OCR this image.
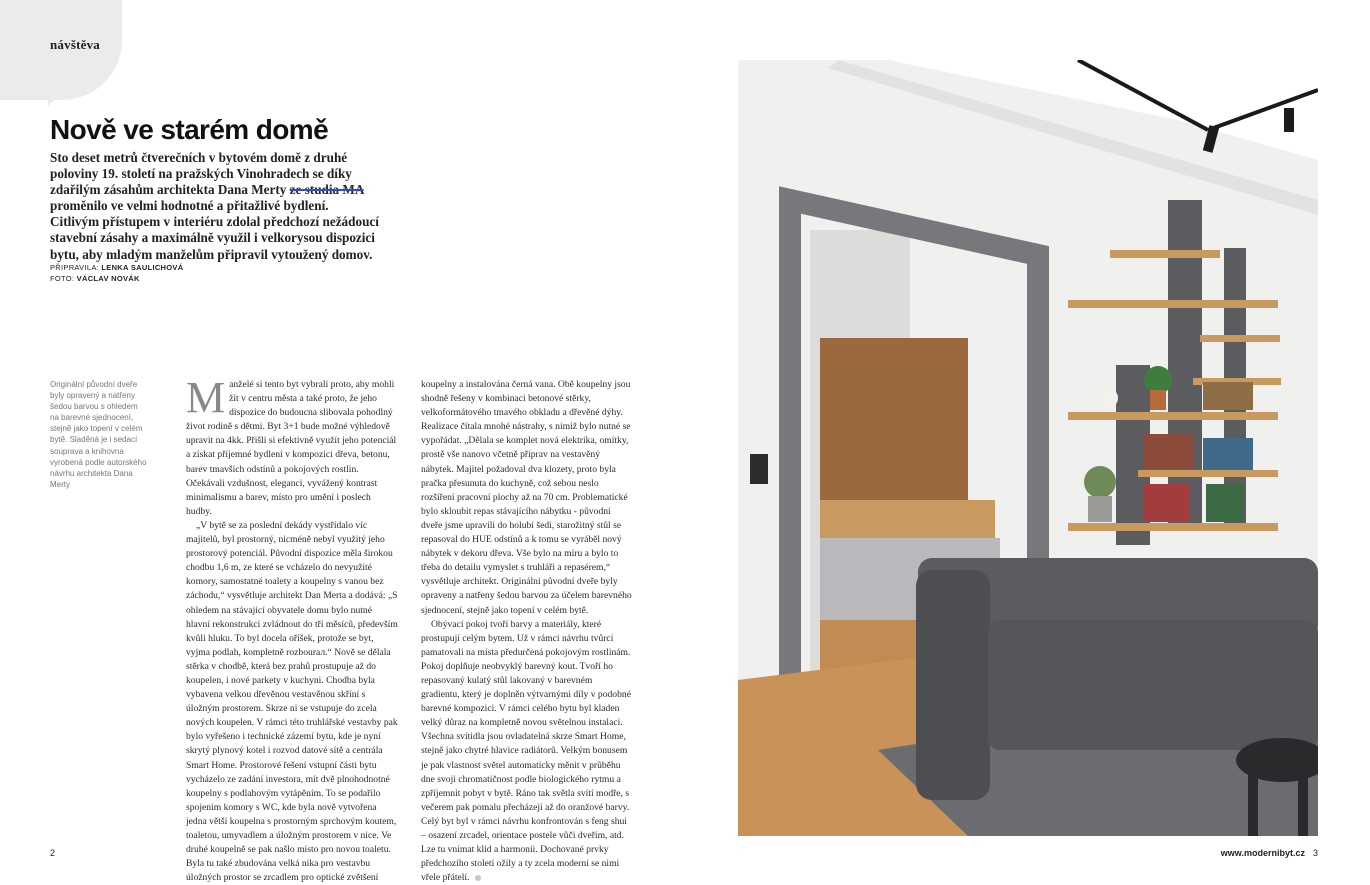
návštěva
Nově ve starém domě

Sto deset metrů čtverečních v bytovém domě z druhé poloviny 19. století na pražských Vinohradech se díky zdařilým zásahům architekta Dana Merty ze studia MA proměnilo ve velmi hodnotné a přitažlivé bydlení. Citlivým přístupem v interiéru zdolal předchozí nežádoucí stavební zásahy a maximálně využil i velkorysou dispozici bytu, aby mladým manželům připravil vytoužený domov.

PŘIPRAVILA: LENKA SAULICHOVÁ
FOTO: VÁCLAV NOVÁK

Originální původní dveře byly opravený a natřeny šedou barvou s ohledem na barevné sjednocení, stejně jako topení v celém bytě. Sladěná je i sedací souprava a knihovna vyrobená podle autorského návrhu architekta Dana Merty

Manželé si tento byt vybrali proto, aby mohli žít v centru města a také proto, že jeho dispozice do budoucna slibovala pohodlný život rodině s dětmi. Byt 3+1 bude možné výhledově upravit na 4kk. Přišli si efektivně využít jeho potenciál a získat příjemné bydlení v kompozici dřeva, betonu, barev tmavších odstínů a pokojových rostlin. Očekávali vzdušnost, eleganci, vyvážený kontrast minimalismu a barev, místo pro umění i poslech hudby.

„V bytě se za poslední dekády vystřídalo víc majitelů, byl prostorný, nicméně nebyl využitý jeho prostorový potenciál. Původní dispozice měla širokou chodbu 1,6 m, ze které se vcházelo do nevyužité komory, samostatné toalety a koupelny s vanou bez záchodu,“ vysvětluje architekt Dan Merta a dodává: „S ohledem na stávající obyvatele domu bylo nutné hlavní rekonstrukci zvládnout do tří měsíců, především kvůli hluku. To byl docela oříšek, protože se byt, vyjma podlah, kompletně rozbourал.“ Nově se dělala stěrka v chodbě, která bez prahů prostupuje až do koupelen, i nové parkety v kuchyni. Chodba byla vybavena velkou dřevěnou vestavěnou skříní s úložným prostorem. Skrze ni se vstupuje do zcela nových koupelen. V rámci této truhlářské vestavby pak bylo vyřešeno i technické zázemí bytu, kde je nyní skrytý plynový kotel i rozvod datové sítě a centrála Smart Home. Prostorové řešení vstupní části bytu vycházelo ze zadání investora, mít dvě plnohodnotné koupelny s podlahovým vytápěním. To se podařilo spojením komory s WC, kde byla nově vytvořena jedna větší koupelna s prostorným sprchovým koutem, toaletou, umyvadlem a úložným prostorem v nice. Ve druhé koupelně se pak našlo místo pro novou toaletu. Byla tu také zbudována velká nika pro vestavbu úložných prostor se zrcadlem pro optické zvětšení

koupelny a instalována černá vana. Obě koupelny jsou shodně řešeny v kombinaci betonové stěrky, velkoformátového tmavého obkladu a dřevěné dýhy. Realizace čítala mnohé nástrahy, s nimiž bylo nutné se vypořádat. „Dělala se komplet nová elektrika, omítky, prostě vše nanovo včetně příprav na vestavěný nábytek. Majitel požadoval dva klozety, proto byla pračka přesunuta do kuchyně, což sebou neslo rozšíření pracovní plochy až na 70 cm. Problematické bylo skloubit repas stávajícího nábytku - původní dveře jsme upravili do holubí šedi, starožitný stůl se repasoval do HUE odstínů a k tomu se vyráběl nový nábytek v dekoru dřeva. Vše bylo na míru a bylo to třeba do detailu vymyslet s truhláři a repasérem,“ vysvětluje architekt. Originální původní dveře byly opraveny a natřeny šedou barvou za účelem barevného sjednocení, stejně jako topení v celém bytě.

Obývací pokoj tvoří barvy a materiály, které prostupují celým bytem. Už v rámci návrhu tvůrci pamatovali na místa předurčená pokojovým rostlinám. Pokoj doplňuje neobvyklý barevný kout. Tvoří ho repasovaný kulatý stůl lakovaný v barevném gradientu, který je doplněn výtvarnými díly v podobné barevné kompozici. V rámci celého bytu byl kladen velký důraz na kompletně novou světelnou instalaci. Všechna svítidla jsou ovladatelná skrze Smart Home, stejně jako chytré hlavice radiátorů. Velkým bonusem je pak vlastnost světel automaticky měnit v průběhu dne svoji chromatičnost podle biologického rytmu a zpříjemnit pobyt v bytě. Ráno tak světla svítí modře, s večerem pak pomalu přecházejí až do oranžové barvy. Celý byt byl v rámci návrhu konfrontován s feng shui – osazení zrcadel, orientace postele vůči dveřím, atd. Lze tu vnímat klid a harmonii. Dochované prvky předchozího století ožily a ty zcela moderní se nimi vřele přátelí.

2	www.modernibyt.cz 3
